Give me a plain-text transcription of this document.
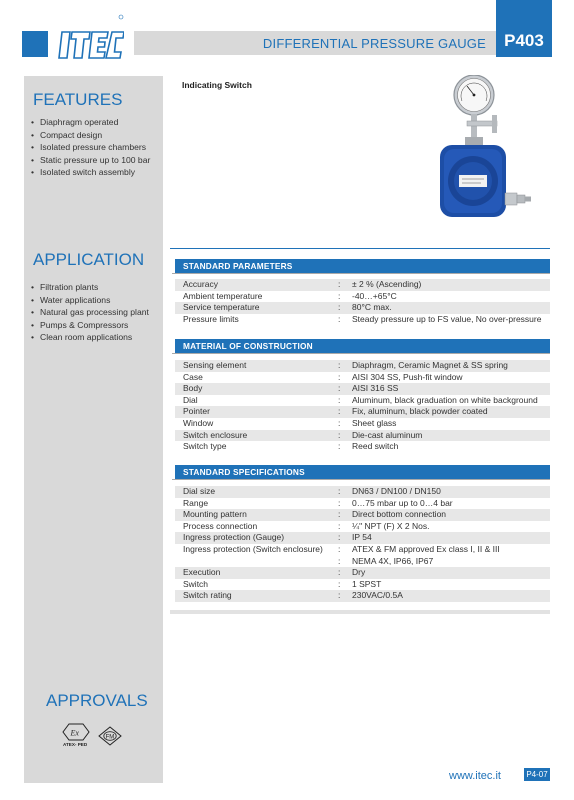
DIFFERENTIAL PRESSURE GAUGE	P403
FEATURES
• Diaphragm operated
• Compact design
• Isolated pressure chambers
• Static pressure up to 100 bar
• Isolated switch assembly
APPLICATION
• Filtration plants
• Water applications
• Natural gas processing plant
• Pumps & Compressors
• Clean room applications
APPROVALS
Ex
ATEX- PED
FM
Indicating Switch
STANDARD PARAMETERS
Accuracy	: ± 2 % (Ascending)
Ambient temperature	: -40…+65°C
Service temperature	: 80°C max.
Pressure limits	: Steady pressure up to FS value, No over-pressure
MATERIAL OF CONSTRUCTION
Sensing element	: Diaphragm, Ceramic Magnet & SS spring
Case	: AISI 304 SS, Push-fit window
Body	: AISI 316 SS
Dial	: Aluminum, black graduation on white background
Pointer	: Fix, aluminum, black powder coated
Window	: Sheet glass
Switch enclosure	: Die-cast aluminum
Switch type	: Reed switch
STANDARD SPECIFICATIONS
Dial size	: DN63 / DN100 / DN150
Range	: 0…75 mbar up to 0…4 bar
Mounting pattern	: Direct bottom connection
Process connection	: ¼" NPT (F) X 2 Nos.
Ingress protection (Gauge)	: IP 54
Ingress protection (Switch enclosure) : ATEX & FM approved Ex class I, II & III
: NEMA 4X, IP66, IP67
Execution	: Dry
Switch	: 1 SPST
Switch rating	: 230VAC/0.5A
www.itec.it	P4-07
